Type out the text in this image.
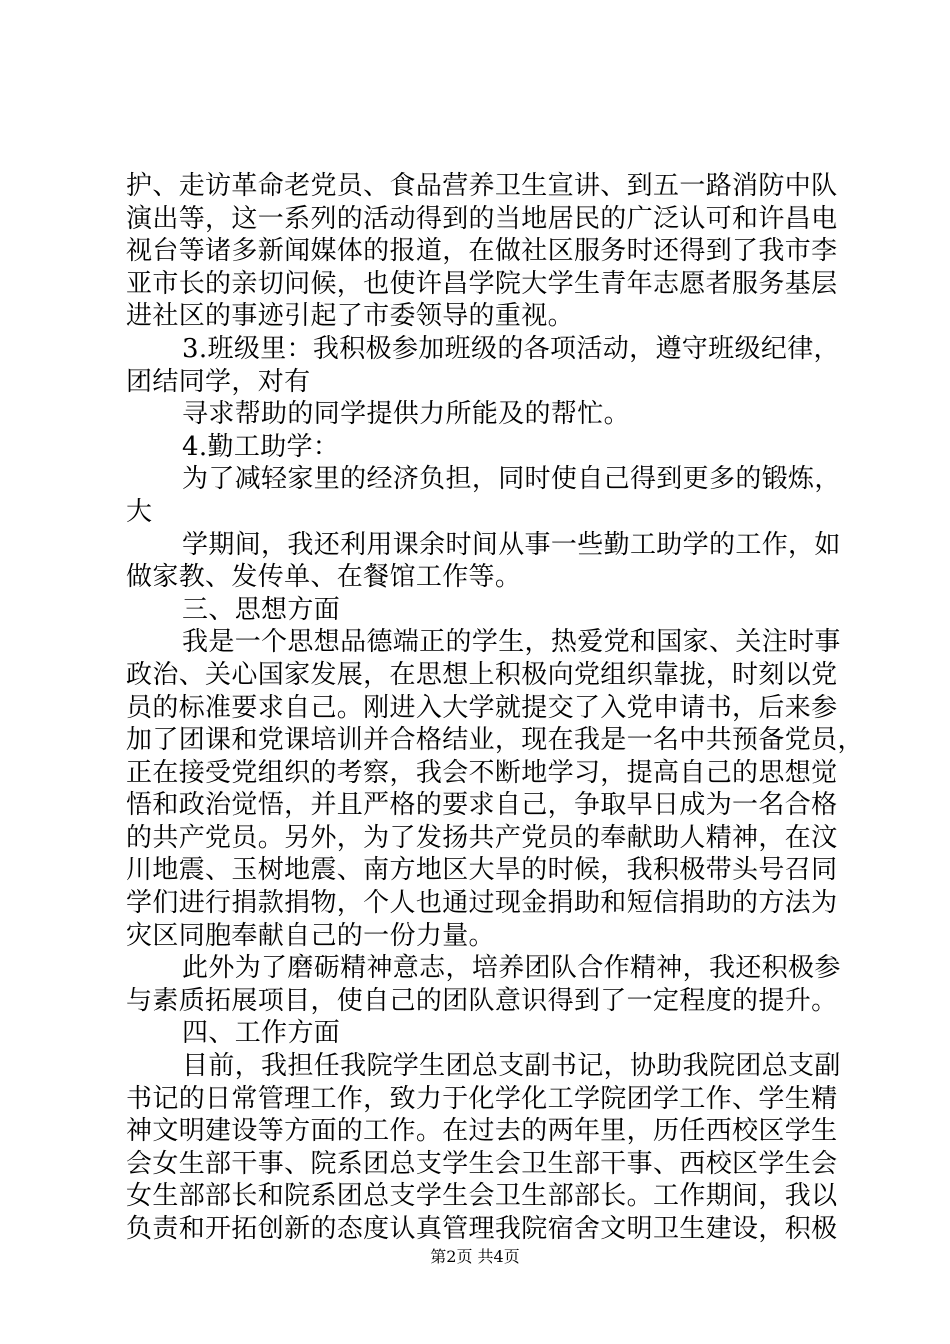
护、走访革命老党员、食品营养卫生宣讲、到五一路消防中队
演出等，这一系列的活动得到的当地居民的广泛认可和许昌电
视台等诸多新闻媒体的报道，在做社区服务时还得到了我市李
亚市长的亲切问候，也使许昌学院大学生青年志愿者服务基层
进社区的事迹引起了市委领导的重视。
3.班级里：我积极参加班级的各项活动，遵守班级纪律，
团结同学，对有
寻求帮助的同学提供力所能及的帮忙。
4.勤工助学：
为了减轻家里的经济负担，同时使自己得到更多的锻炼，
大
学期间，我还利用课余时间从事一些勤工助学的工作，如
做家教、发传单、在餐馆工作等。
三、思想方面
我是一个思想品德端正的学生，热爱党和国家、关注时事
政治、关心国家发展，在思想上积极向党组织靠拢，时刻以党
员的标准要求自己。刚进入大学就提交了入党申请书，后来参
加了团课和党课培训并合格结业，现在我是一名中共预备党员，
正在接受党组织的考察，我会不断地学习，提高自己的思想觉
悟和政治觉悟，并且严格的要求自己，争取早日成为一名合格
的共产党员。另外，为了发扬共产党员的奉献助人精神，在汶
川地震、玉树地震、南方地区大旱的时候，我积极带头号召同
学们进行捐款捐物，个人也通过现金捐助和短信捐助的方法为
灾区同胞奉献自己的一份力量。
此外为了磨砺精神意志，培养团队合作精神，我还积极参
与素质拓展项目，使自己的团队意识得到了一定程度的提升。
四、工作方面
目前，我担任我院学生团总支副书记，协助我院团总支副
书记的日常管理工作，致力于化学化工学院团学工作、学生精
神文明建设等方面的工作。在过去的两年里，历任西校区学生
会女生部干事、院系团总支学生会卫生部干事、西校区学生会
女生部部长和院系团总支学生会卫生部部长。工作期间，我以
负责和开拓创新的态度认真管理我院宿舍文明卫生建设，积极
第2页 共4页
